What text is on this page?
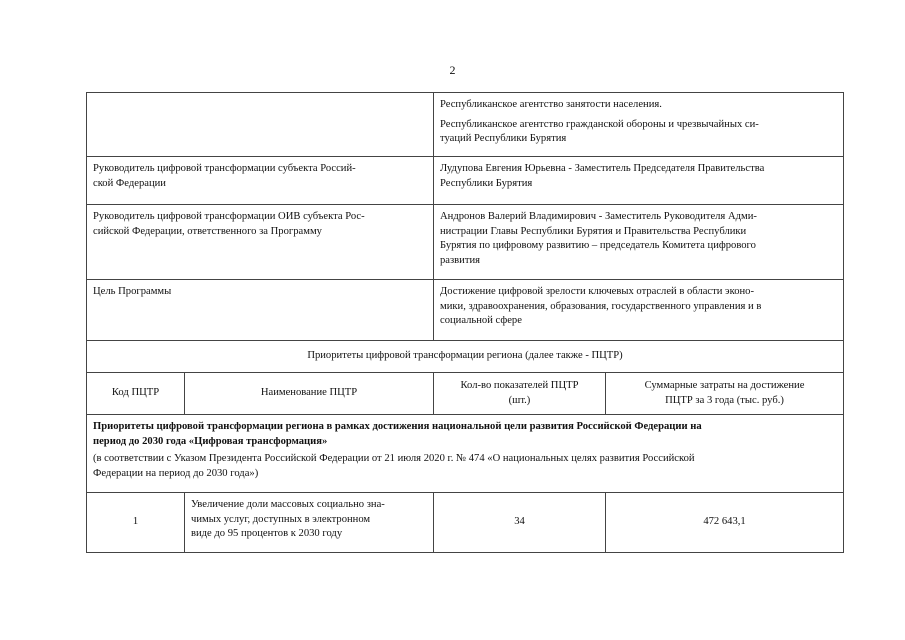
2

		Республиканское агентство занятости населения.
Республиканское агентство гражданской обороны и чрезвычайных си-
туаций Республики Бурятия	

Руководитель цифровой трансформации субъекта Россий-
ской Федерации		Лудупова Евгения Юрьевна - Заместитель Председателя Правительства
Республики Бурятия	

Руководитель цифровой трансформации ОИВ субъекта Рос-
сийской Федерации, ответственного за Программу		Андронов Валерий Владимирович - Заместитель Руководителя Адми-
нистрации Главы Республики Бурятия и Правительства Республики
Бурятия по цифровому развитию – председатель Комитета цифрового
развития	

Цель Программы		Достижение цифровой зрелости ключевых отраслей в области эконо-
мики, здравоохранения, образования, государственного управления и в
социальной сфере	

Приоритеты цифровой трансформации региона (далее также - ПЦТР)			
Код ПЦТР	Наименование ПЦТР	Кол-во показателей ПЦТР
(шт.)	Суммарные затраты на достижение
ПЦТР за 3 года (тыс. руб.)

Приоритеты цифровой трансформации региона в рамках достижения национальной цели развития Российской Федерации на
период до 2030 года «Цифровая трансформация»
(в соответствии с Указом Президента Российской Федерации от 21 июля 2020 г. № 474 «О национальных целях развития Российской
Федерации на период до 2030 года»)			

1	Увеличение доли массовых социально зна-
чимых услуг, доступных в электронном
виде до 95 процентов к 2030 году	34	472 643,1
